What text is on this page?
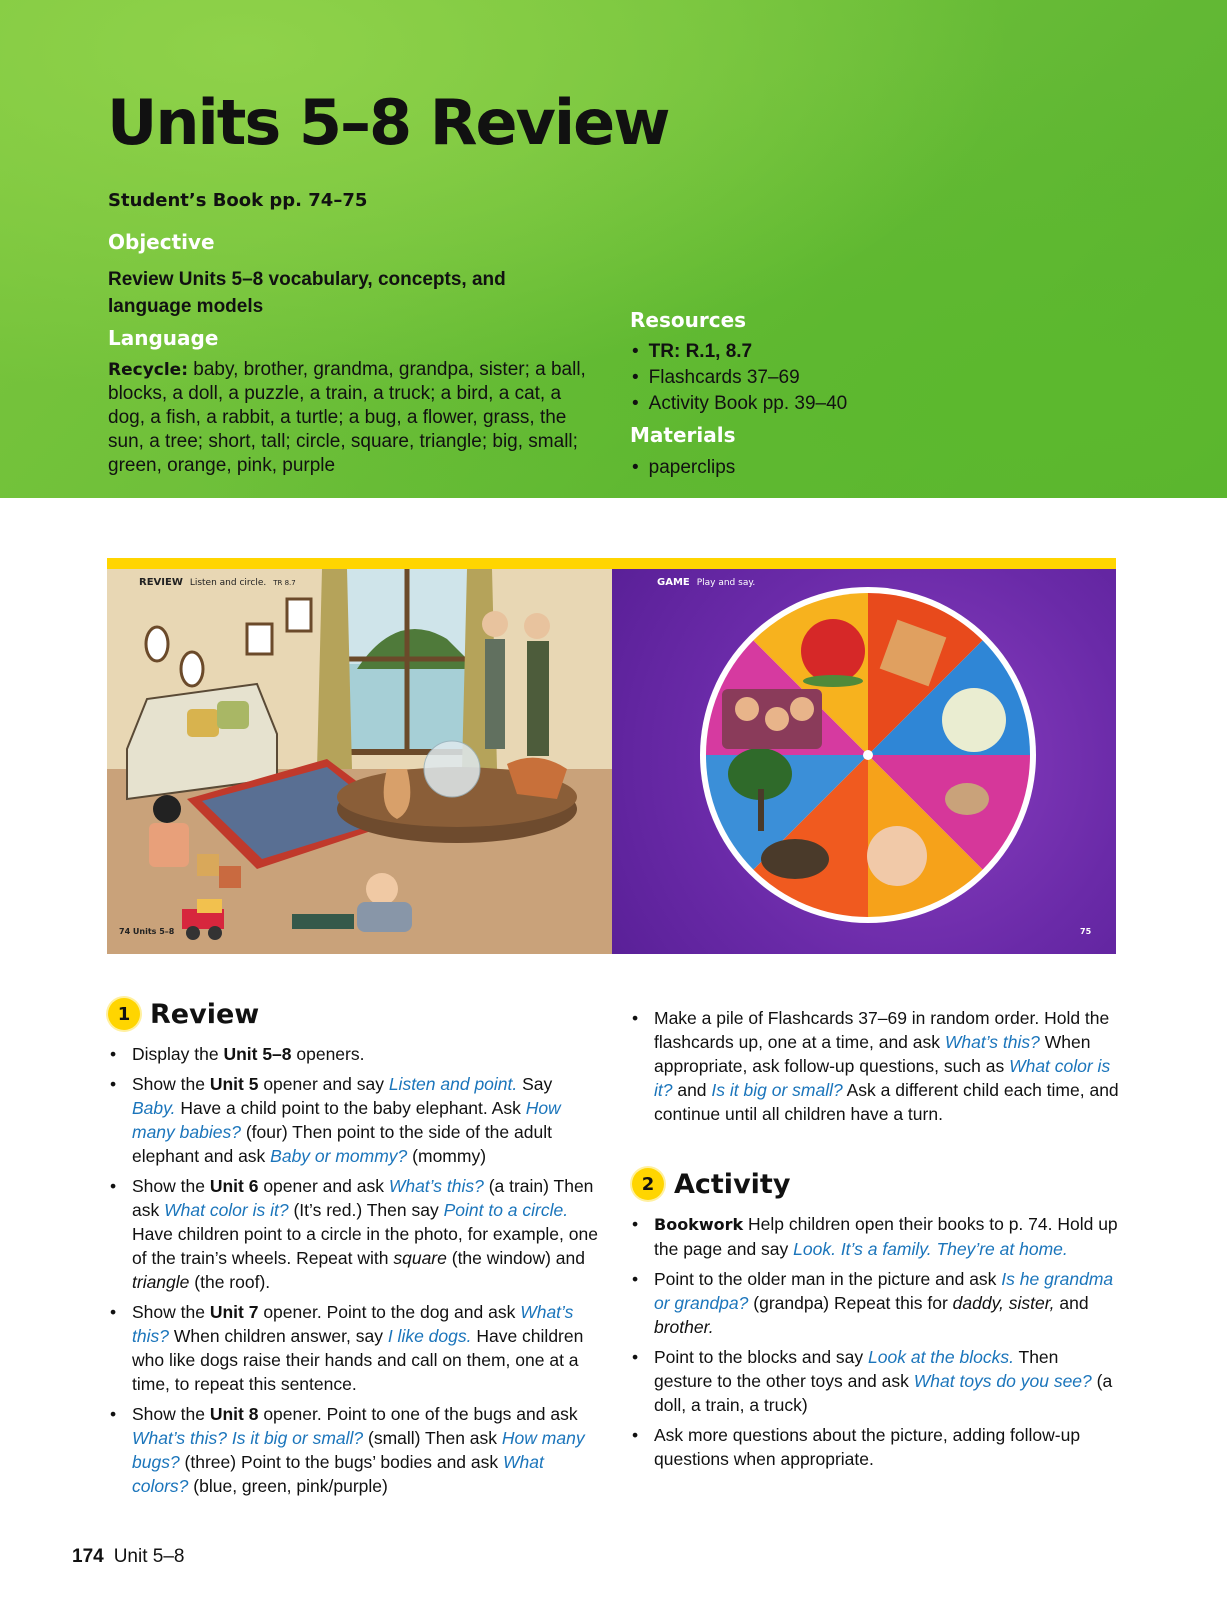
Units 5–8 Review
Student’s Book pp. 74–75
Objective
Review Units 5–8 vocabulary, concepts, and language models
Language
Recycle: baby, brother, grandma, grandpa, sister; a ball, blocks, a doll, a puzzle, a train, a truck; a bird, a cat, a dog, a fish, a rabbit, a turtle; a bug, a flower, grass, the sun, a tree; short, tall; circle, square, triangle; big, small; green, orange, pink, purple
Resources
• TR: R.1, 8.7
• Flashcards 37–69
• Activity Book pp. 39–40
Materials
• paperclips
REVIEW Listen and circle. TR 8.7
74 Units 5–8
GAME Play and say.
75
1 Review
• Display the Unit 5–8 openers.
• Show the Unit 5 opener and say Listen and point. Say Baby. Have a child point to the baby elephant. Ask How many babies? (four) Then point to the side of the adult elephant and ask Baby or mommy? (mommy)
• Show the Unit 6 opener and ask What’s this? (a train) Then ask What color is it? (It’s red.) Then say Point to a circle. Have children point to a circle in the photo, for example, one of the train’s wheels. Repeat with square (the window) and triangle (the roof).
• Show the Unit 7 opener. Point to the dog and ask What’s this? When children answer, say I like dogs. Have children who like dogs raise their hands and call on them, one at a time, to repeat this sentence.
• Show the Unit 8 opener. Point to one of the bugs and ask What’s this? Is it big or small? (small) Then ask How many bugs? (three) Point to the bugs’ bodies and ask What colors? (blue, green, pink/purple)
• Make a pile of Flashcards 37–69 in random order. Hold the flashcards up, one at a time, and ask What’s this? When appropriate, ask follow-up questions, such as What color is it? and Is it big or small? Ask a different child each time, and continue until all children have a turn.
2 Activity
• Bookwork Help children open their books to p. 74. Hold up the page and say Look. It’s a family. They’re at home.
• Point to the older man in the picture and ask Is he grandma or grandpa? (grandpa) Repeat this for daddy, sister, and brother.
• Point to the blocks and say Look at the blocks. Then gesture to the other toys and ask What toys do you see? (a doll, a train, a truck)
• Ask more questions about the picture, adding follow-up questions when appropriate.
174 Unit 5–8
